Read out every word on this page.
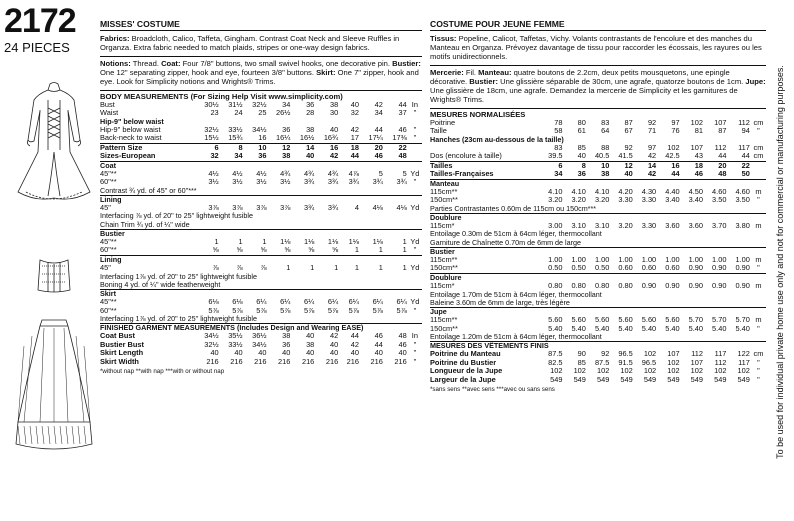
2172
24 PIECES
MISSES' COSTUME
Fabrics: Broadcloth, Calico, Taffeta, Gingham. Contrast Coat Neck and Sleeve Ruffles in Organza. Extra fabric needed to match plaids, stripes or one-way design fabrics.
Notions: Thread. Coat: Four 7/8" buttons, two small swivel hooks, one decorative pin. Bustier: One 12" separating zipper, hook and eye, fourteen 3/8" buttons. Skirt: One 7" zipper, hook and eye. Look for Simplicity notions and Wrights® Trims.
BODY MEASUREMENTS (For Sizing Help Visit www.simplicity.com)
Bust	30½	31½	32½	34	36	38	40	42	44	In
Waist	23	24	25	26½	28	30	32	34	37	"
Hip-9" below waist										
Hip-9" below waist	32½	33½	34½	36	38	40	42	44	46	"
Back-neck to waist	15½	15¾	16	16¼	16½	16¾	17	17¼	17⅜	"
Pattern Size	6	8	10	12	14	16	18	20	22	
Sizes-European	32	34	36	38	40	42	44	46	48	
Coat										
45"**	4½	4½	4½	4¾	4¾	4¾	4⅞	5	5	Yd
60"**	3½	3½	3½	3½	3¾	3¾	3¾	3¾	3¾	"
Contrast ¾ yd. of 45" or 60"***										
Lining										
45"	3⅞	3⅞	3⅞	3⅞	3¾	3¾	4	4⅛	4⅛	Yd
Interfacing ⅞ yd. of 20" to 25" lightweight fusible										
Chain Trim ¾ yd. of ¼" wide										
Bustier										
45"**	1	1	1	1⅛	1⅛	1⅛	1⅛	1⅛	1	Yd
60"**	⅝	⅝	⅝	⅝	⅝	⅝	1	1	1	"
Lining										
45"	⅞	⅞	⅞	1	1	1	1	1	1	Yd
Interfacing 1⅞ yd. of 20" to 25" lightweight fusible										
Boning 4 yd. of ¼" wide featherweight										
Skirt										
45"**	6⅛	6⅛	6¼	6¼	6¼	6¼	6¼	6¼	6¼	Yd
60"**	5⅞	5⅞	5⅞	5⅞	5⅞	5⅞	5⅞	5⅞	5⅞	"
Interfacing 1⅞ yd. of 20" to 25" lightweight fusible										
FINISHED GARMENT MEASUREMENTS (Includes Design and Wearing EASE)										
Coat Bust	34½	35½	36½	38	40	42	44	46	48	In
Bustier Bust	32½	33½	34½	36	38	40	42	44	46	"
Skirt Length	40	40	40	40	40	40	40	40	40	"
Skirt Width	216	216	216	216	216	216	216	216	216	"
*without nap **with nap ***with or without nap
COSTUME POUR JEUNE FEMME
Tissus: Popeline, Calicot, Taffetas, Vichy. Volants contrastants de l'encolure et des manches du Manteau en Organza. Prévoyez davantage de tissu pour raccorder les écossais, les rayures ou les motifs unidirectionnels.
Mercerie: Fil. Manteau: quatre boutons de 2.2cm, deux petits mousquetons, une epingle décorative. Bustier: Une glissière séparable de 30cm, une agrafe, quatorze boutons de 1cm. Jupe: Une glissière de 18cm, une agrafe. Demandez la mercerie de Simplicity et les garnitures de Wrights® Trims.
MESURES NORMALISÉES
Poitrine	78	80	83	87	92	97	102	107	112	cm
Taille	58	61	64	67	71	76	81	87	94	"
Hanches (23cm au-dessous de la taille)										
	83	85	88	92	97	102	107	112	117	cm
Dos (encolure à taille)	39.5	40	40.5	41.5	42	42.5	43	44	44	cm
Tailles	6	8	10	12	14	16	18	20	22	
Tailles-Françaises	34	36	38	40	42	44	46	48	50	
Manteau										
115cm**	4.10	4.10	4.10	4.20	4.30	4.40	4.50	4.60	4.60	m
150cm**	3.20	3.20	3.20	3.30	3.30	3.40	3.40	3.50	3.50	"
Parties Contrastantes 0.60m de 115cm ou 150cm***										
Doublure										
115cm*	3.00	3.10	3.10	3.20	3.30	3.60	3.60	3.70	3.80	m
Entoilage 0.30m de 51cm à 64cm léger, thermocollant										
Garniture de Chaînette 0.70m de 6mm de large										
Bustier										
115cm**	1.00	1.00	1.00	1.00	1.00	1.00	1.00	1.00	1.00	m
150cm**	0.50	0.50	0.50	0.60	0.60	0.60	0.90	0.90	0.90	"
Doublure										
115cm*	0.80	0.80	0.80	0.80	0.90	0.90	0.90	0.90	0.90	m
Entoilage 1.70m de 51cm à 64cm léger, thermocollant										
Baleine 3.60m de 6mm de large, très légère										
Jupe										
115cm**	5.60	5.60	5.60	5.60	5.60	5.60	5.70	5.70	5.70	m
150cm**	5.40	5.40	5.40	5.40	5.40	5.40	5.40	5.40	5.40	"
Entoilage 1.20m de 51cm à 64cm léger, thermocollant										
MESURES DES VÊTEMENTS FINIS										
Poitrine du Manteau	87.5	90	92	96.5	102	107	112	117	122	cm
Poitrine du Bustier	82.5	85	87.5	91.5	96.5	102	107	112	117	"
Longueur de la Jupe	102	102	102	102	102	102	102	102	102	"
Largeur de la Jupe	549	549	549	549	549	549	549	549	549	"
*sans sens **avec sens ***avec ou sans sens	To be used for individual private home use only and not for commercial or manufacturing purposes.
